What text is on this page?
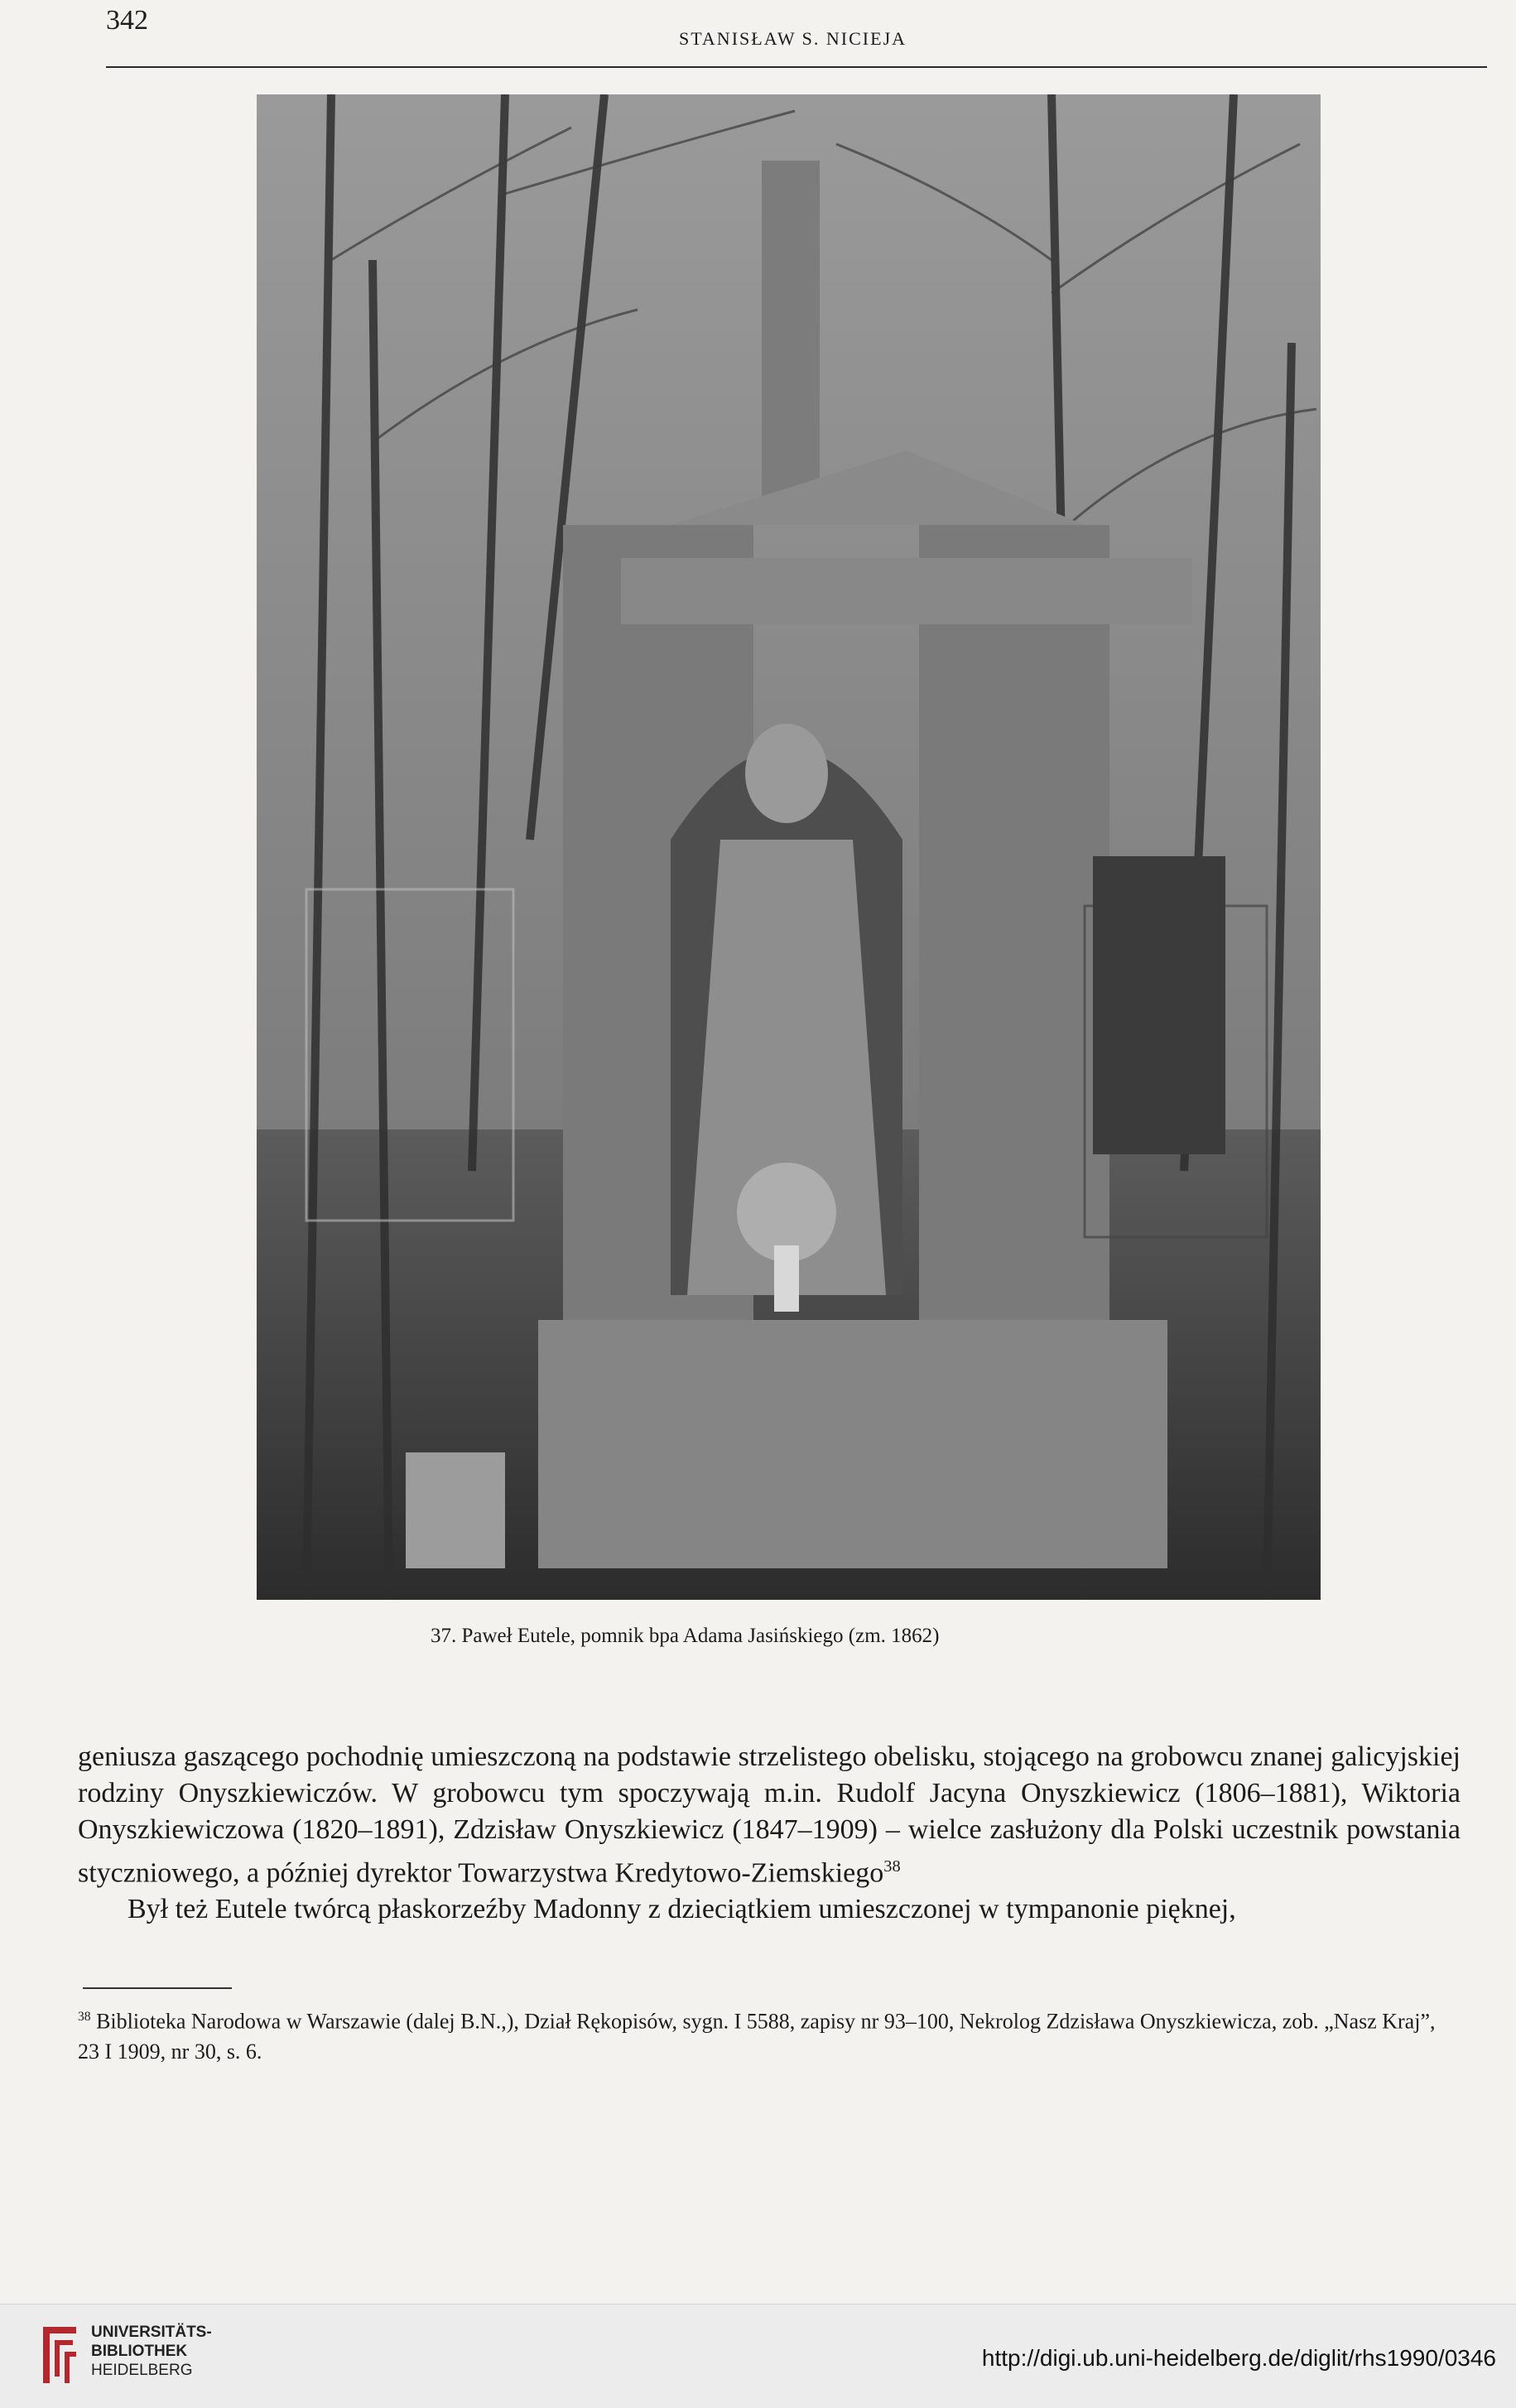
342
STANISŁAW S. NICIEJA
37. Paweł Eutele, pomnik bpa Adama Jasińskiego (zm. 1862)

geniusza gaszącego pochodnię umieszczoną na podstawie strzelistego obelisku, stojącego na grobowcu znanej galicyjskiej rodziny Onyszkiewiczów. W grobowcu tym spoczywają m.in. Rudolf Jacyna Onyszkiewicz (1806–1881), Wiktoria Onyszkiewiczowa (1820–1891), Zdzisław Onyszkiewicz (1847–1909) – wielce zasłużony dla Polski uczestnik powstania styczniowego, a później dyrektor Towarzystwa Kredytowo-Ziemskiego$^{38}$

Był też Eutele twórcą płaskorzeźby Madonny z dzieciątkiem umieszczonej w tympanonie pięknej,

$^{38}$ Biblioteka Narodowa w Warszawie (dalej B.N.,), Dział Rękopisów, sygn. I 5588, zapisy nr 93–100, Nekrolog Zdzisława Onyszkiewicza, zob. „Nasz Kraj”, 23 I 1909, nr 30, s. 6.
UNIVERSITÄTS-
BIBLIOTHEK
HEIDELBERG	http://digi.ub.uni-heidelberg.de/diglit/rhs1990/0346
